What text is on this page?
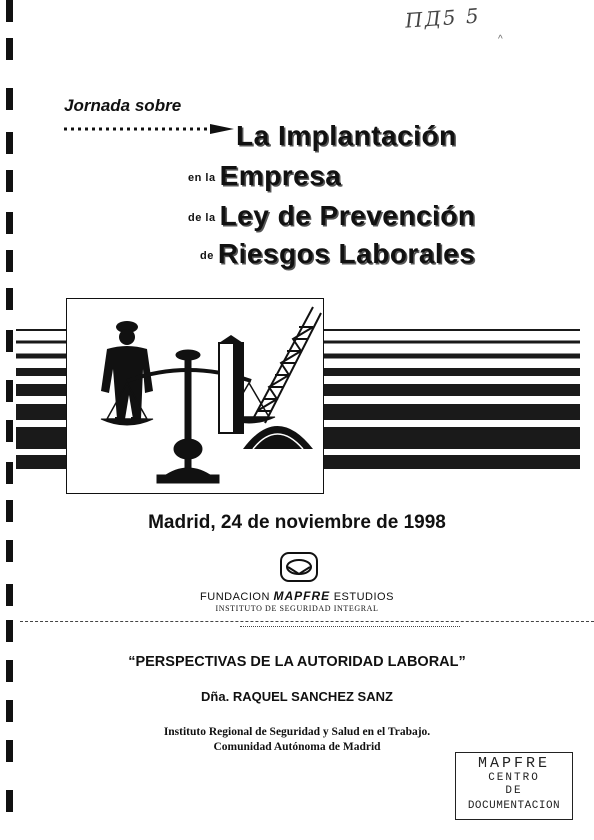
ПД5 5
^
Jornada sobre
La Implantación
en la Empresa
de la Ley de Prevención
de Riesgos Laborales
Madrid, 24 de noviembre de 1998
FUNDACION MAPFRE ESTUDIOS
INSTITUTO DE SEGURIDAD INTEGRAL
“PERSPECTIVAS DE LA AUTORIDAD LABORAL”
Dña. RAQUEL SANCHEZ SANZ
Instituto Regional de Seguridad y Salud en el Trabajo.
Comunidad Autónoma de Madrid
MAPFRE
CENTRO
DE
DOCUMENTACION
